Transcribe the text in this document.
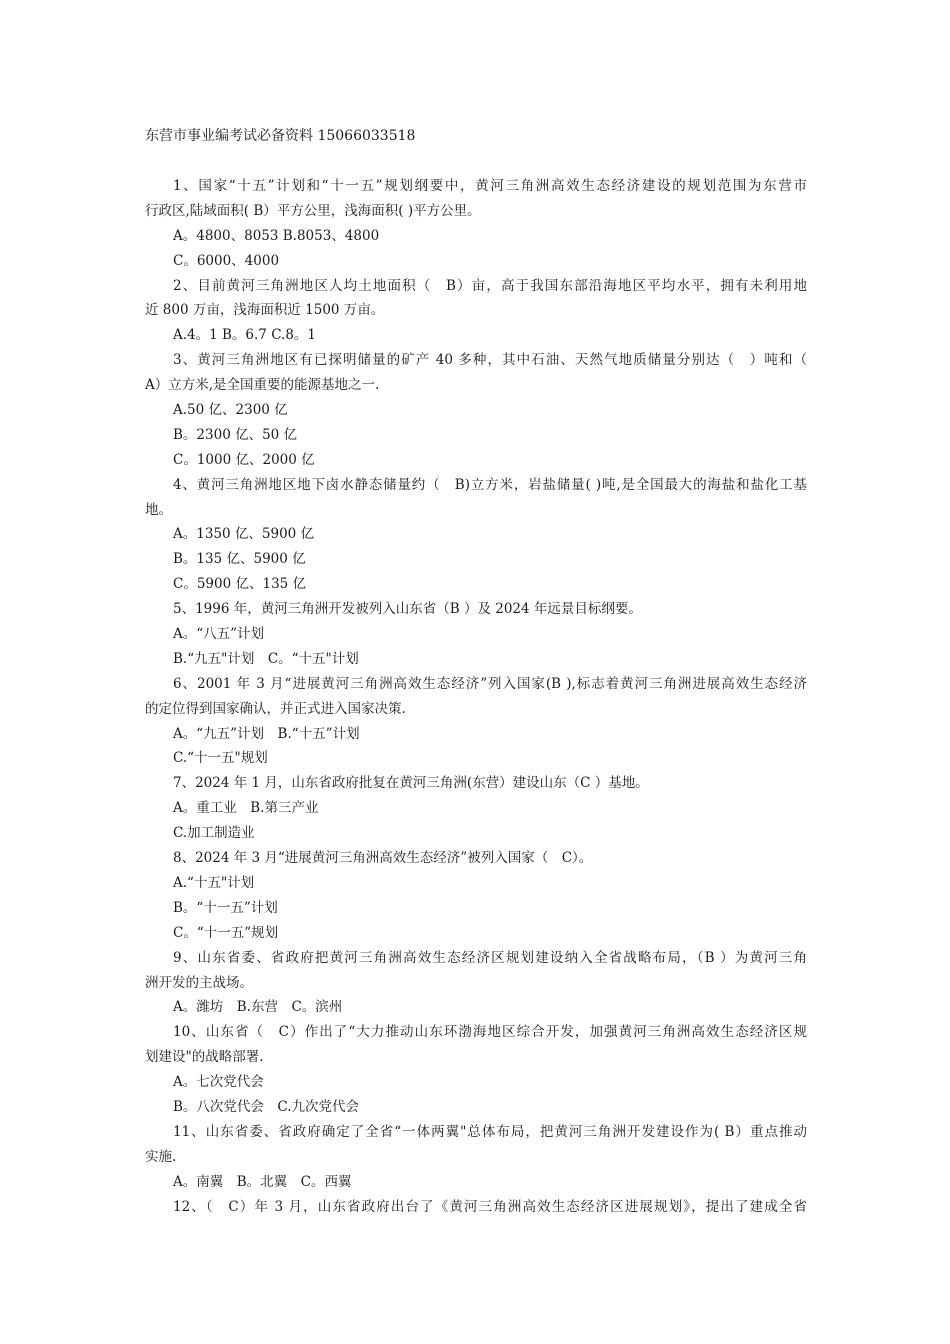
东营市事业编考试必备资料 15066033518
1、国家“十五”计划和“十一五”规划纲要中，黄河三角洲高效生态经济建设的规划范围为东营市
行政区,陆域面积( B）平方公里，浅海面积( )平方公里。
A。4800、8053 B.8053、4800
C。6000、4000
2、目前黄河三角洲地区人均土地面积（　B）亩，高于我国东部沿海地区平均水平，拥有未利用地
近 800 万亩，浅海面积近 1500 万亩。
A.4。1 B。6.7 C.8。1
3、黄河三角洲地区有已探明储量的矿产 40 多种，其中石油、天然气地质储量分别达（　）吨和（
A）立方米,是全国重要的能源基地之一.
A.50 亿、2300 亿
B。2300 亿、50 亿
C。1000 亿、2000 亿
4、黄河三角洲地区地下卤水静态储量约（　B)立方米，岩盐储量( )吨,是全国最大的海盐和盐化工基
地。
A。1350 亿、5900 亿
B。135 亿、5900 亿
C。5900 亿、135 亿
5、1996 年，黄河三角洲开发被列入山东省（B ）及 2024 年远景目标纲要。
A。“八五”计划
B.“九五"计划　C。“十五"计划
6、2001 年 3 月“进展黄河三角洲高效生态经济”列入国家(B ),标志着黄河三角洲进展高效生态经济
的定位得到国家确认，并正式进入国家决策.
A。“九五”计划　B.“十五”计划
C.“十一五"规划
7、2024 年 1 月，山东省政府批复在黄河三角洲(东营）建设山东（C ）基地。
A。重工业　B.第三产业
C.加工制造业
8、2024 年 3 月“进展黄河三角洲高效生态经济”被列入国家（　C）。
A.“十五"计划
B。“十一五”计划
C。“十一五”规划
9、山东省委、省政府把黄河三角洲高效生态经济区规划建设纳入全省战略布局，（B ）为黄河三角
洲开发的主战场。
A。潍坊　B.东营　C。滨州
10、山东省（　C）作出了“大力推动山东环渤海地区综合开发，加强黄河三角洲高效生态经济区规
划建设"的战略部署.
A。七次党代会
B。八次党代会　C.九次党代会
11、山东省委、省政府确定了全省“一体两翼"总体布局，把黄河三角洲开发建设作为( B）重点推动
实施.
A。南翼　B。北翼　C。西翼
12、（　C）年 3 月，山东省政府出台了《黄河三角洲高效生态经济区进展规划》，提出了建成全省
